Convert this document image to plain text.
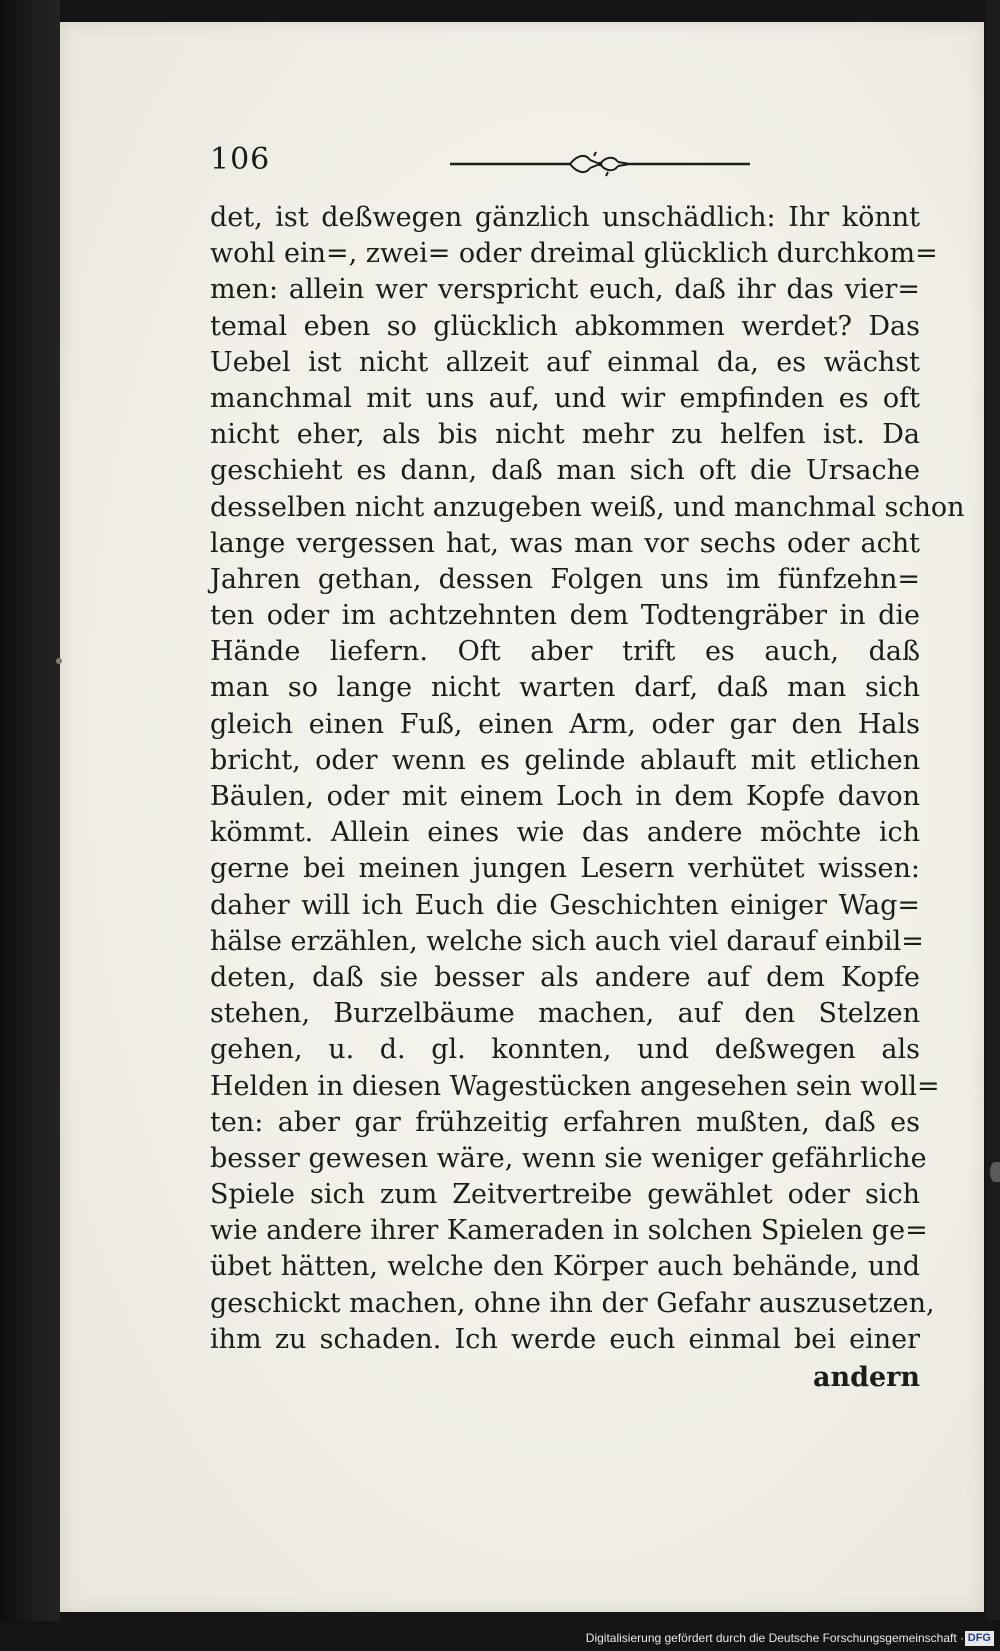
106
det, ist deßwegen gänzlich unschädlich: Ihr könnt
wohl ein=, zwei= oder dreimal glücklich durchkom=
men: allein wer verspricht euch, daß ihr das vier=
temal eben so glücklich abkommen werdet? Das
Uebel ist nicht allzeit auf einmal da, es wächst
manchmal mit uns auf, und wir empfinden es oft
nicht eher, als bis nicht mehr zu helfen ist. Da
geschieht es dann, daß man sich oft die Ursache
desselben nicht anzugeben weiß, und manchmal schon
lange vergessen hat, was man vor sechs oder acht
Jahren gethan, dessen Folgen uns im fünfzehn=
ten oder im achtzehnten dem Todtengräber in die
Hände liefern. Oft aber trift es auch, daß
man so lange nicht warten darf, daß man sich
gleich einen Fuß, einen Arm, oder gar den Hals
bricht, oder wenn es gelinde ablauft mit etlichen
Bäulen, oder mit einem Loch in dem Kopfe davon
kömmt. Allein eines wie das andere möchte ich
gerne bei meinen jungen Lesern verhütet wissen:
daher will ich Euch die Geschichten einiger Wag=
hälse erzählen, welche sich auch viel darauf einbil=
deten, daß sie besser als andere auf dem Kopfe
stehen, Burzelbäume machen, auf den Stelzen
gehen, u. d. gl. konnten, und deßwegen als
Helden in diesen Wagestücken angesehen sein woll=
ten: aber gar frühzeitig erfahren mußten, daß es
besser gewesen wäre, wenn sie weniger gefährliche
Spiele sich zum Zeitvertreibe gewählet oder sich
wie andere ihrer Kameraden in solchen Spielen ge=
übet hätten, welche den Körper auch behände, und
geschickt machen, ohne ihn der Gefahr auszusetzen,
ihm zu schaden. Ich werde euch einmal bei einer
andern
Digitalisierung gefördert durch die Deutsche Forschungsgemeinschaft · DFG
